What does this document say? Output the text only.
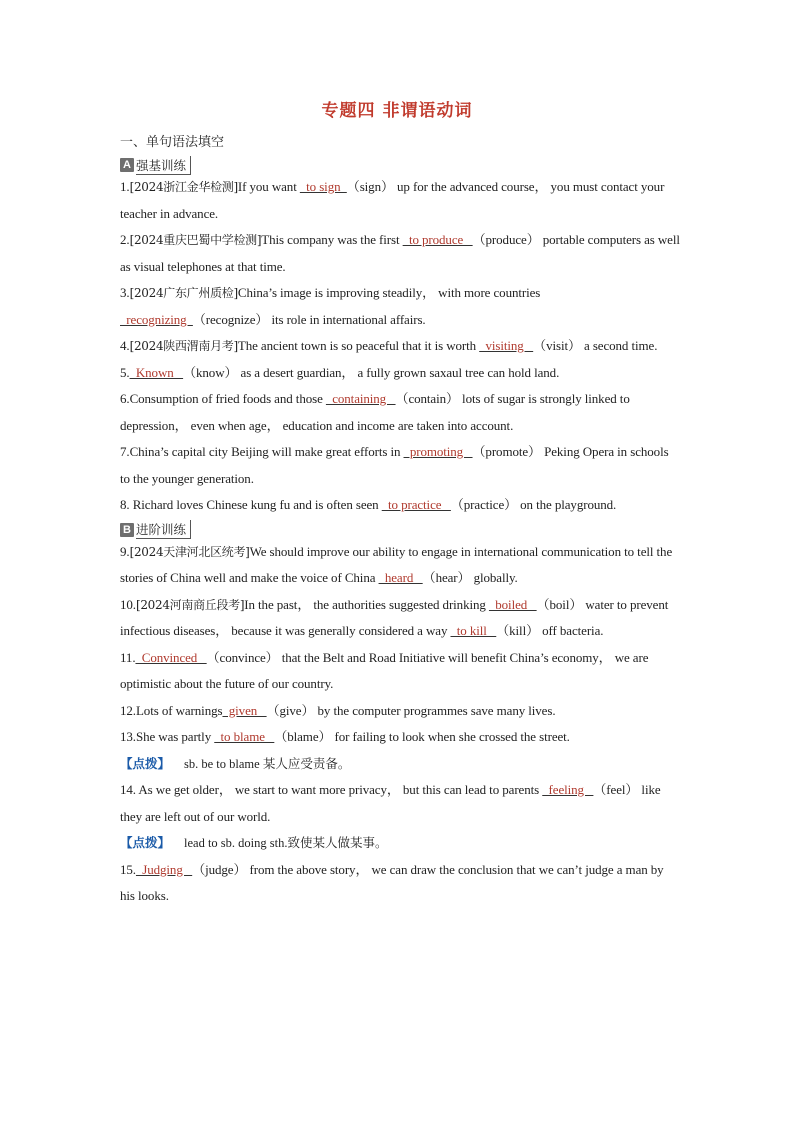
专题四 非谓语动词
一、单句语法填空
A 强基训练
1.[2024浙江金华检测]If you want   to sign  （sign） up for the advanced course， you must contact your teacher in advance.
2.[2024重庆巴蜀中学检测]This company was the first   to produce   （produce） portable computers as well as visual telephones at that time.
3.[2024广东广州质检]China’s image is improving steadily， with more countries   recognizing  （recognize） its role in international affairs.
4.[2024陕西渭南月考]The ancient town is so peaceful that it is worth   visiting   （visit） a second time.
5.  Known   （know） as a desert guardian， a fully grown saxaul tree can hold land.
6.Consumption of fried foods and those   containing   （contain） lots of sugar is strongly linked to depression， even when age， education and income are taken into account.
7.China’s capital city Beijing will make great efforts in   promoting   （promote） Peking Opera in schools to the younger generation.
8. Richard loves Chinese kung fu and is often seen   to practice   （practice） on the playground.
B 进阶训练
9.[2024天津河北区统考]We should improve our ability to engage in international communication to tell the stories of China well and make the voice of China   heard   （hear） globally.
10.[2024河南商丘段考]In the past， the authorities suggested drinking   boiled   （boil） water to prevent infectious diseases， because it was generally considered a way   to kill   （kill） off bacteria.
11.  Convinced   （convince） that the Belt and Road Initiative will benefit China’s economy， we are optimistic about the future of our country.
12.Lots of warnings  given   （give） by the computer programmes save many lives.
13.She was partly   to blame   （blame） for failing to look when she crossed the street.
【点拨】 sb. be to blame 某人应受责备。
14. As we get older， we start to want more privacy， but this can lead to parents   feeling   （feel） like they are left out of our world.
【点拨】 lead to sb. doing sth.致使某人做某事。
15.  Judging   （judge） from the above story， we can draw the conclusion that we can’t judge a man by his looks.
